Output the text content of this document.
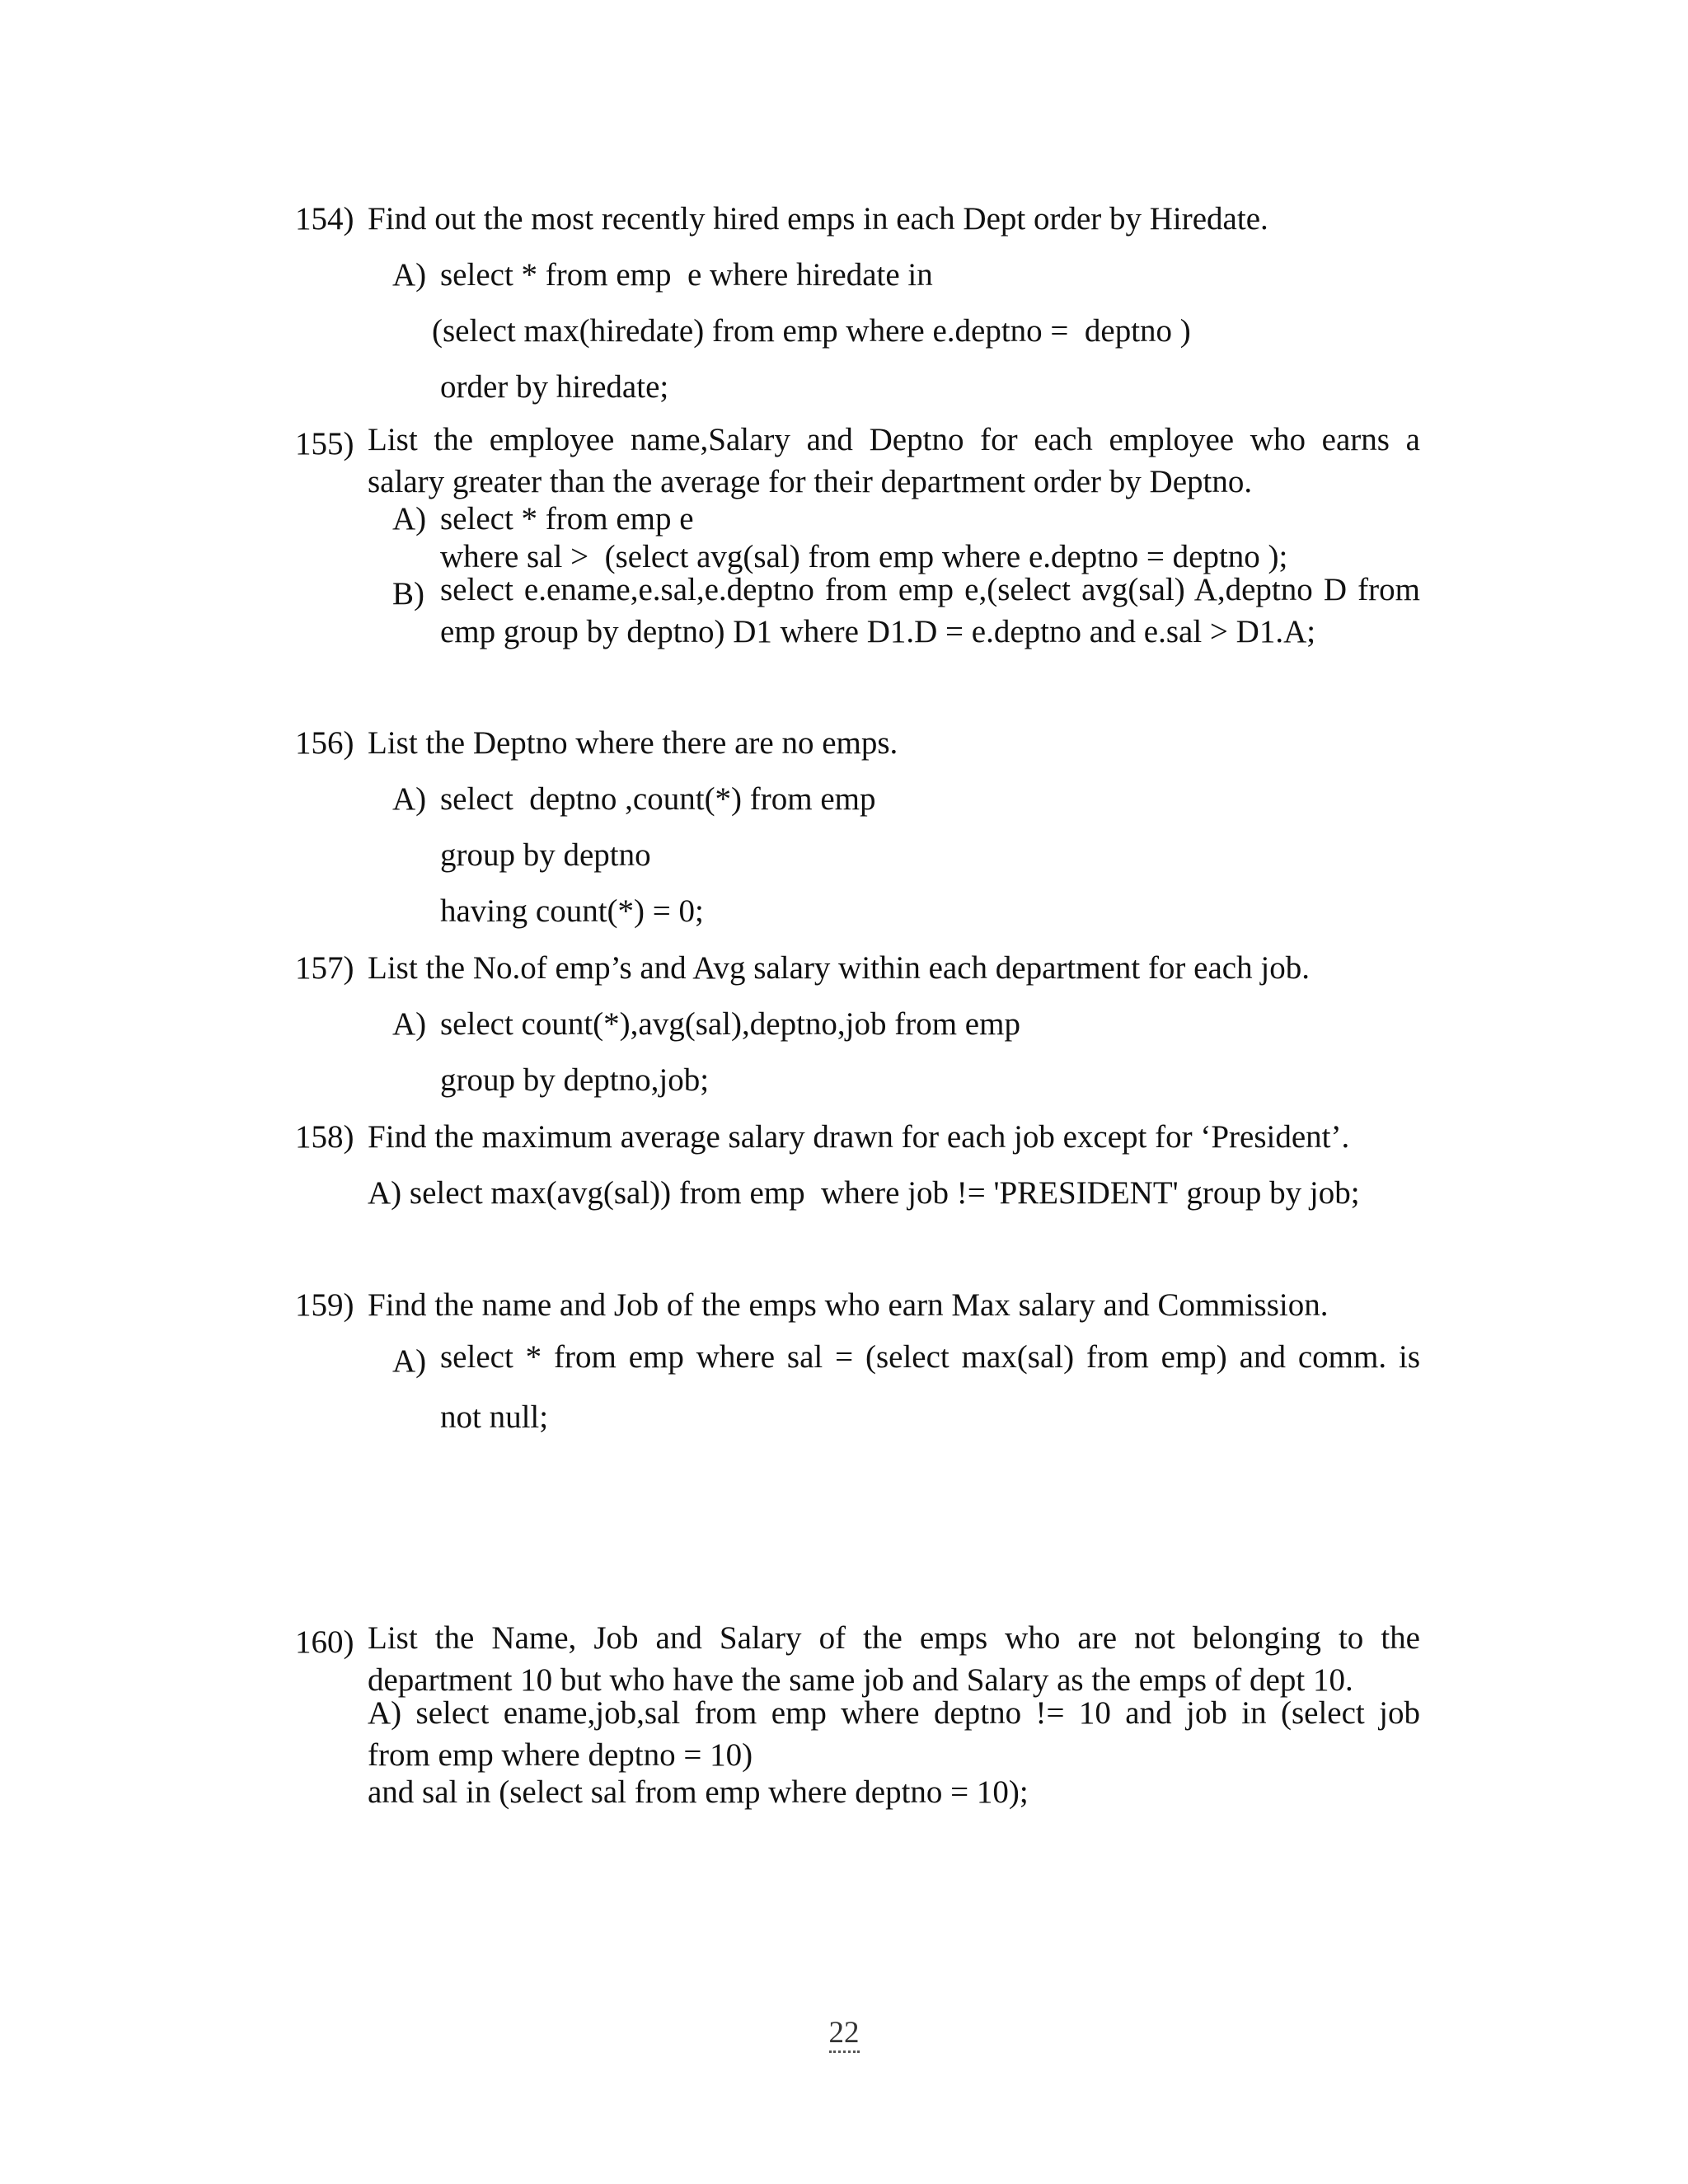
154) Find out the most recently hired emps in each Dept order by Hiredate.
A) select * from emp  e where hiredate in
(select max(hiredate) from emp where e.deptno =  deptno )
order by hiredate;
155) List the employee name,Salary and Deptno for each employee who earns a
salary greater than the average for their department order by Deptno.
A) select * from emp e
where sal >  (select avg(sal) from emp where e.deptno = deptno );
B) select e.ename,e.sal,e.deptno from emp e,(select avg(sal) A,deptno D from
emp group by deptno) D1 where D1.D = e.deptno and e.sal > D1.A;
156) List the Deptno where there are no emps.
A) select  deptno ,count(*) from emp
group by deptno
having count(*) = 0;
157) List the No.of emp’s and Avg salary within each department for each job.
A) select count(*),avg(sal),deptno,job from emp
group by deptno,job;
158) Find the maximum average salary drawn for each job except for ‘President’.
A) select max(avg(sal)) from emp  where job != 'PRESIDENT' group by job;
159) Find the name and Job of the emps who earn Max salary and Commission.
A) select * from emp where sal = (select max(sal) from emp) and comm. is
not null;
160) List the Name, Job and Salary of the emps who are not belonging to the
department 10 but who have the same job and Salary as the emps of dept 10.
A) select ename,job,sal from emp where deptno != 10 and job in (select job
from emp where deptno = 10)
and sal in (select sal from emp where deptno = 10);
22
